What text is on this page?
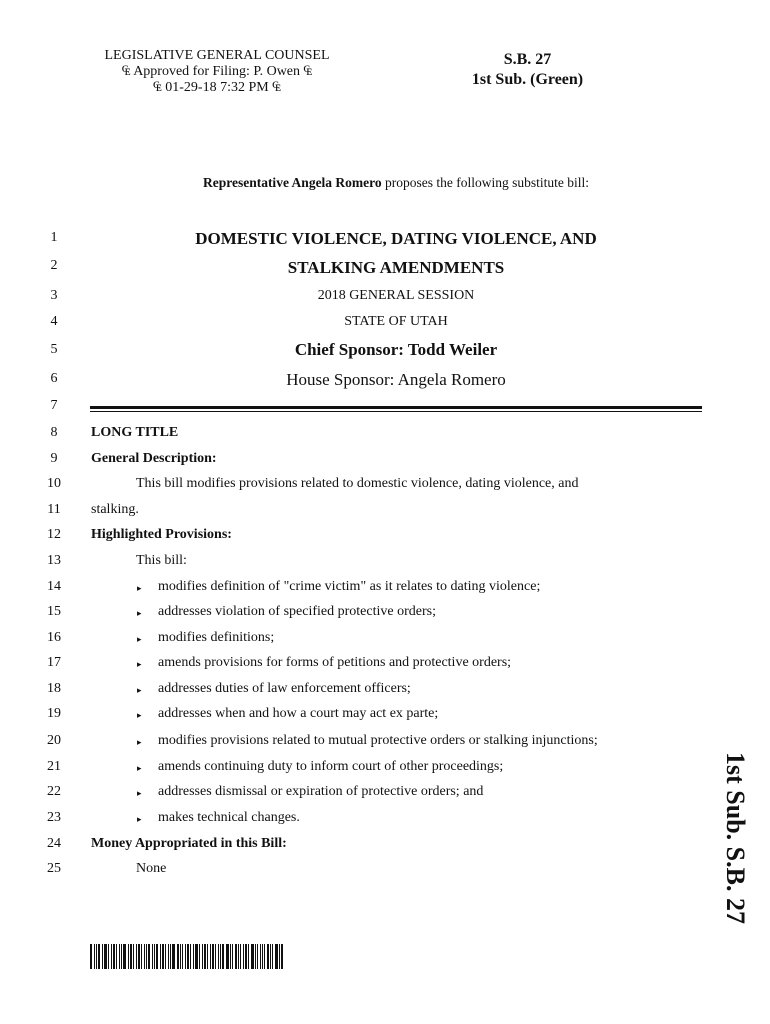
LEGISLATIVE GENERAL COUNSEL
₠ Approved for Filing: P. Owen ₠
₠ 01-29-18 7:32 PM ₠
S.B. 27
1st Sub. (Green)
Representative Angela Romero proposes the following substitute bill:
1
2
3
4
5
6
7
8
9
10
11
12
13
14
15
16
17
18
19
20
21
22
23
24
25
DOMESTIC VIOLENCE, DATING VIOLENCE, AND
STALKING AMENDMENTS
2018 GENERAL SESSION
STATE OF UTAH
Chief Sponsor: Todd Weiler
House Sponsor: Angela Romero
LONG TITLE
General Description:
This bill modifies provisions related to domestic violence, dating violence, and
stalking.
Highlighted Provisions:
This bill:
▸ modifies definition of "crime victim" as it relates to dating violence;
▸ addresses violation of specified protective orders;
▸ modifies definitions;
▸ amends provisions for forms of petitions and protective orders;
▸ addresses duties of law enforcement officers;
▸ addresses when and how a court may act ex parte;
▸ modifies provisions related to mutual protective orders or stalking injunctions;
▸ amends continuing duty to inform court of other proceedings;
▸ addresses dismissal or expiration of protective orders; and
▸ makes technical changes.
Money Appropriated in this Bill:
None	1st Sub. S.B. 27
